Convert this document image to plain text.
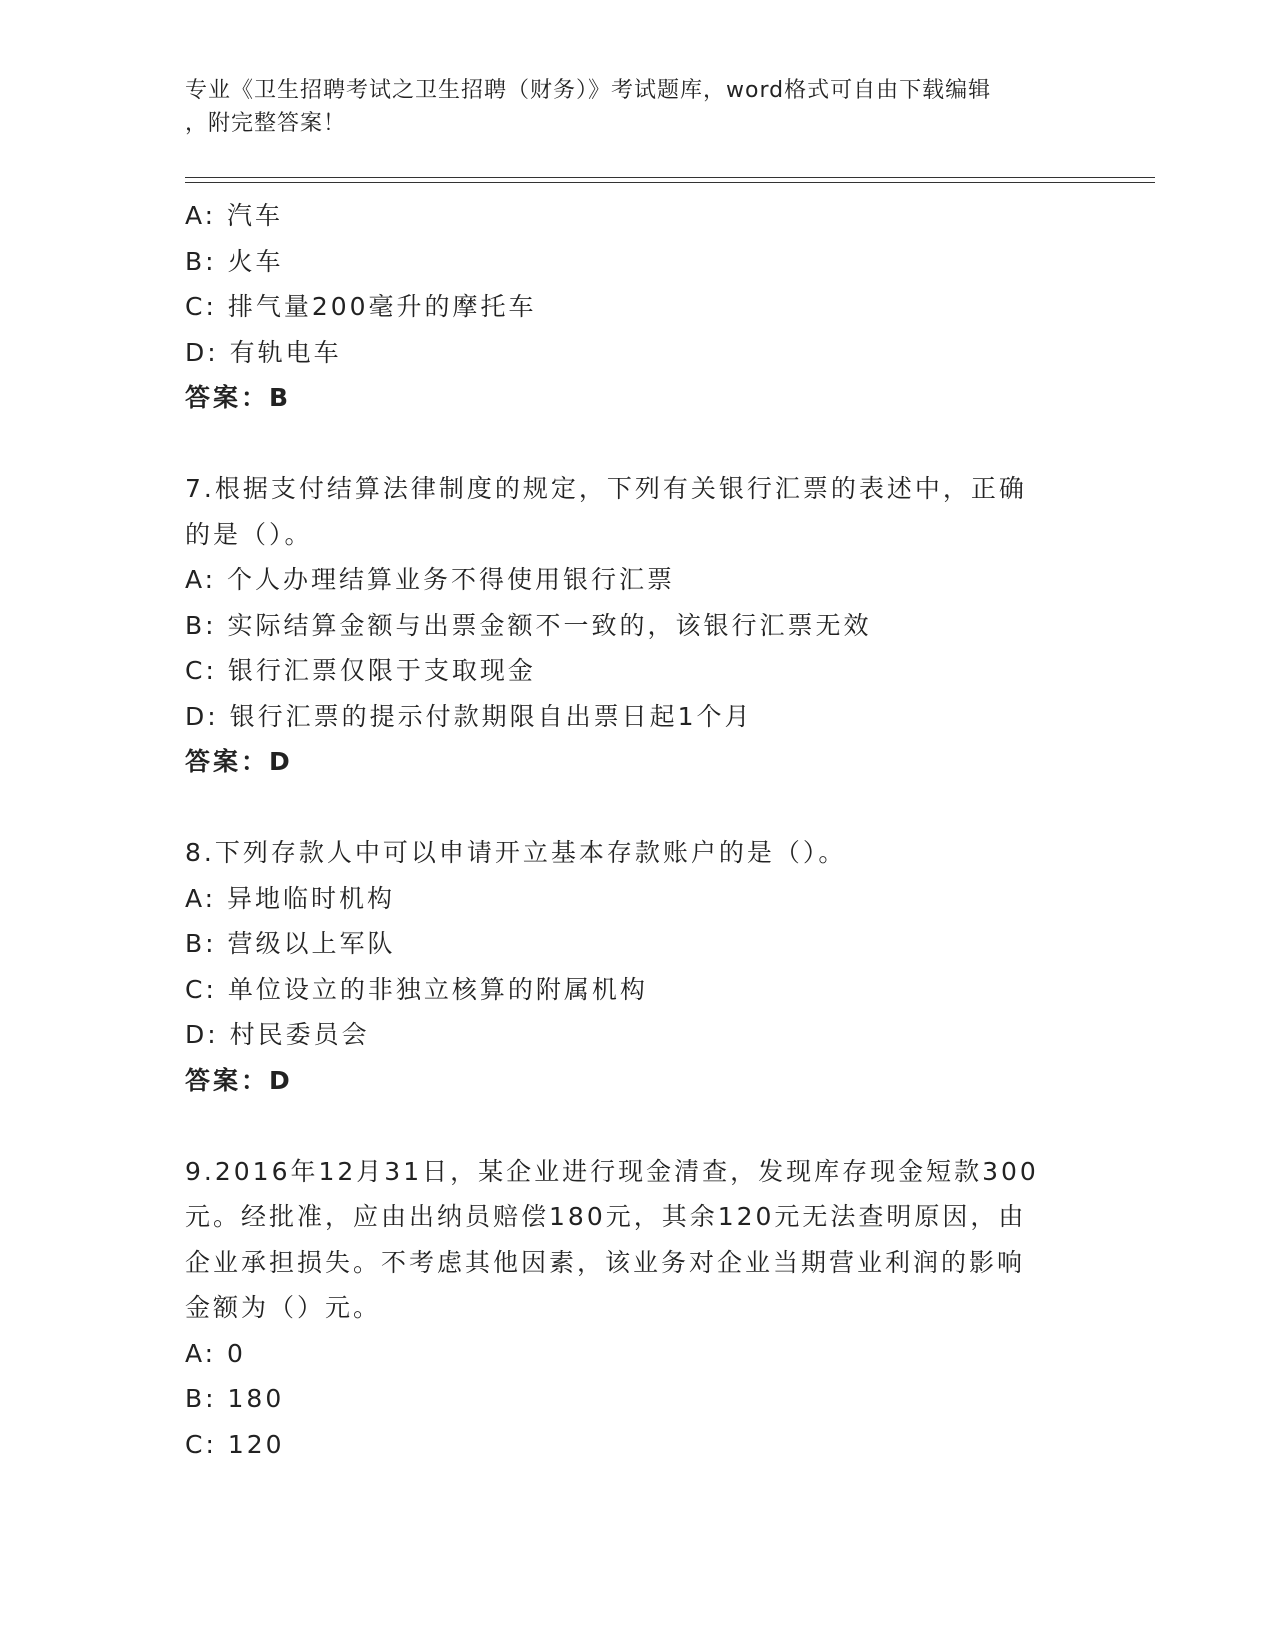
专业《卫生招聘考试之卫生招聘（财务）》考试题库，word格式可自由下载编辑
，附完整答案！
A: 汽车
B: 火车
C: 排气量200毫升的摩托车
D: 有轨电车
答案：B
7.根据支付结算法律制度的规定，下列有关银行汇票的表述中，正确
的是（）。
A: 个人办理结算业务不得使用银行汇票
B: 实际结算金额与出票金额不一致的，该银行汇票无效
C: 银行汇票仅限于支取现金
D: 银行汇票的提示付款期限自出票日起1个月
答案：D
8.下列存款人中可以申请开立基本存款账户的是（）。
A: 异地临时机构
B: 营级以上军队
C: 单位设立的非独立核算的附属机构
D: 村民委员会
答案：D
9.2016年12月31日，某企业进行现金清查，发现库存现金短款300
元。经批准，应由出纳员赔偿180元，其余120元无法查明原因，由
企业承担损失。不考虑其他因素，该业务对企业当期营业利润的影响
金额为（）元。
A: 0
B: 180
C: 120
